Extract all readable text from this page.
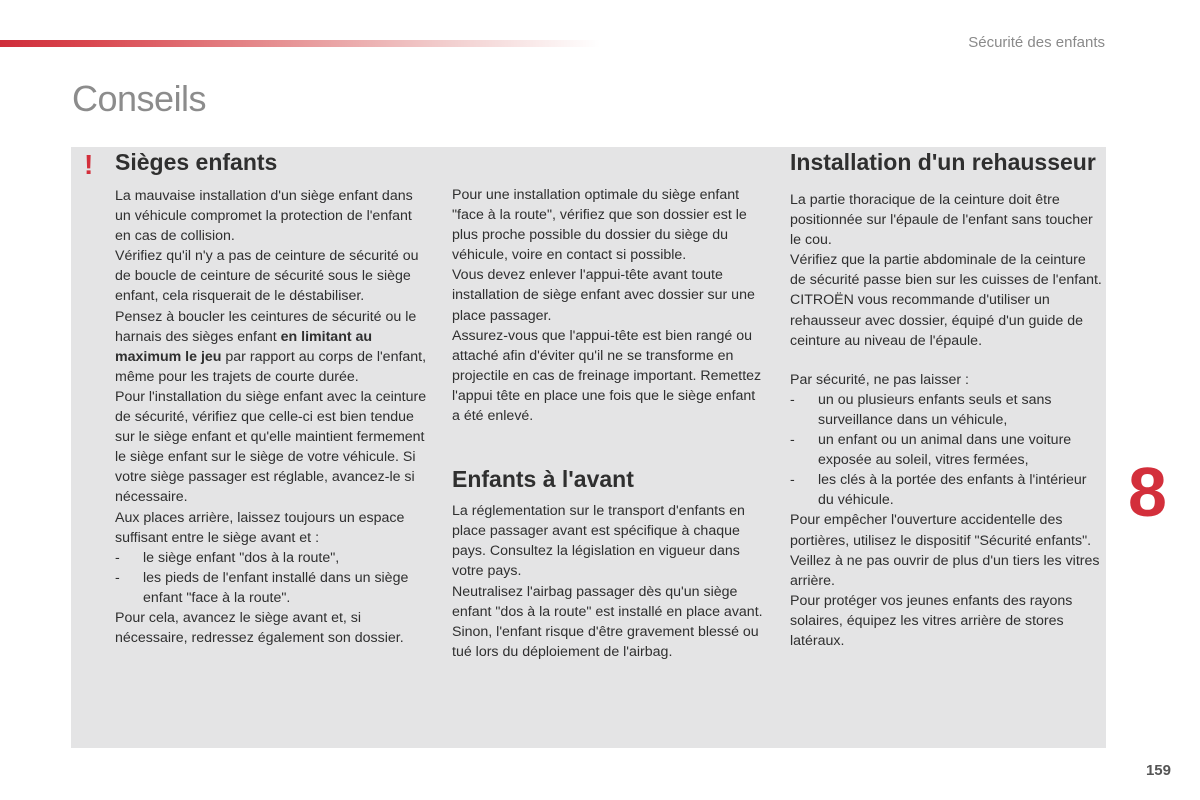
Sécurité des enfants
Conseils
! Sièges enfants

La mauvaise installation d'un siège enfant dans un véhicule compromet la protection de l'enfant en cas de collision.

Vérifiez qu'il n'y a pas de ceinture de sécurité ou de boucle de ceinture de sécurité sous le siège enfant, cela risquerait de le déstabiliser.

Pensez à boucler les ceintures de sécurité ou le harnais des sièges enfant en limitant au maximum le jeu par rapport au corps de l'enfant, même pour les trajets de courte durée.

Pour l'installation du siège enfant avec la ceinture de sécurité, vérifiez que celle-ci est bien tendue sur le siège enfant et qu'elle maintient fermement le siège enfant sur le siège de votre véhicule. Si votre siège passager est réglable, avancez-le si nécessaire.

Aux places arrière, laissez toujours un espace suffisant entre le siège avant et :

- le siège enfant "dos à la route",
- les pieds de l'enfant installé dans un siège enfant "face à la route".

Pour cela, avancez le siège avant et, si nécessaire, redressez également son dossier.

Pour une installation optimale du siège enfant "face à la route", vérifiez que son dossier est le plus proche possible du dossier du siège du véhicule, voire en contact si possible.

Vous devez enlever l'appui-tête avant toute installation de siège enfant avec dossier sur une place passager.

Assurez-vous que l'appui-tête est bien rangé ou attaché afin d'éviter qu'il ne se transforme en projectile en cas de freinage important. Remettez l'appui tête en place une fois que le siège enfant a été enlevé.

Enfants à l'avant

La réglementation sur le transport d'enfants en place passager avant est spécifique à chaque pays. Consultez la législation en vigueur dans votre pays.

Neutralisez l'airbag passager dès qu'un siège enfant "dos à la route" est installé en place avant. Sinon, l'enfant risque d'être gravement blessé ou tué lors du déploiement de l'airbag.

Installation d'un rehausseur

La partie thoracique de la ceinture doit être positionnée sur l'épaule de l'enfant sans toucher le cou.

Vérifiez que la partie abdominale de la ceinture de sécurité passe bien sur les cuisses de l'enfant.

CITROËN vous recommande d'utiliser un rehausseur avec dossier, équipé d'un guide de ceinture au niveau de l'épaule.

Par sécurité, ne pas laisser :

- un ou plusieurs enfants seuls et sans surveillance dans un véhicule,
- un enfant ou un animal dans une voiture exposée au soleil, vitres fermées,
- les clés à la portée des enfants à l'intérieur du véhicule.

Pour empêcher l'ouverture accidentelle des portières, utilisez le dispositif "Sécurité enfants".

Veillez à ne pas ouvrir de plus d'un tiers les vitres arrière.

Pour protéger vos jeunes enfants des rayons solaires, équipez les vitres arrière de stores latéraux.

8
159
